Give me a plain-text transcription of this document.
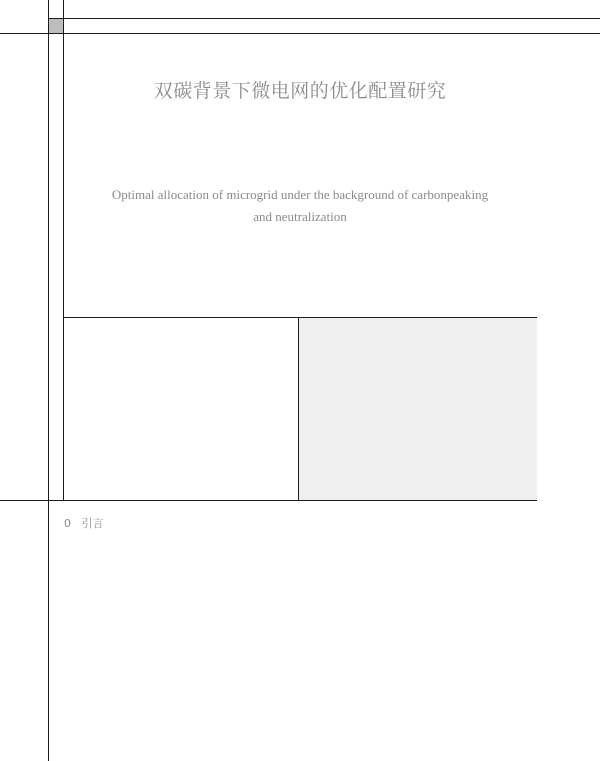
双碳背景下微电网的优化配置研究
Optimal allocation of microgrid under the background of carbonpeaking
and neutralization
0 引言
